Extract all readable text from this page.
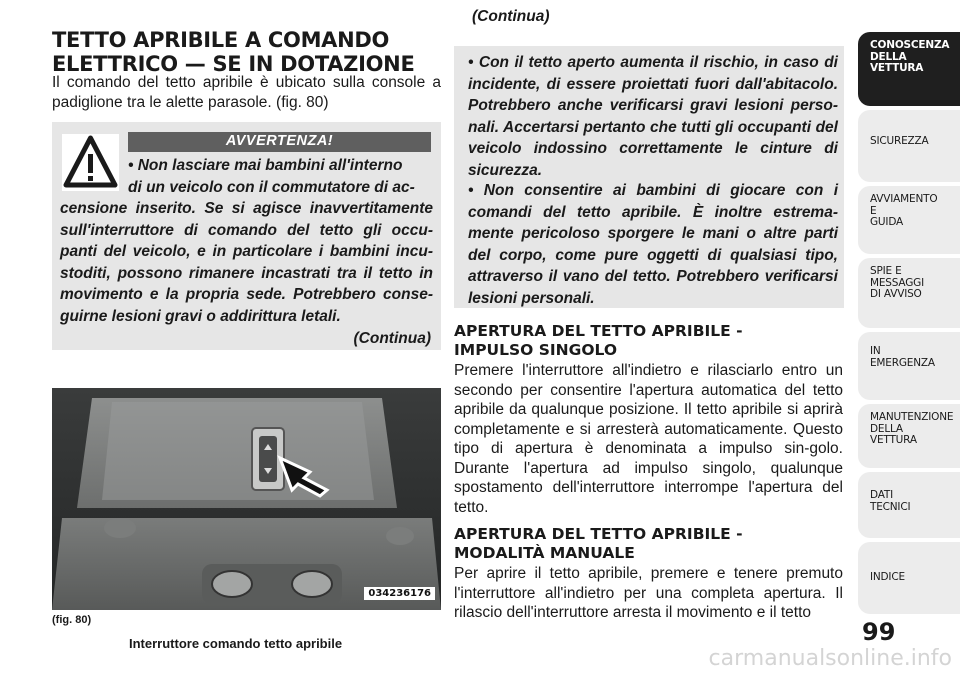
TETTO APRIBILE A COMANDO
ELETTRICO — SE IN DOTAZIONE
Il comando del tetto apribile è ubicato sulla console a padiglione tra le alette parasole. (fig. 80)
AVVERTENZA!
• Non lasciare mai bambini all'interno
di un veicolo con il commutatore di ac-
censione inserito. Se si agisce inavvertitamente sull'interruttore di comando del tetto gli occu-panti del veicolo, e in particolare i bambini incu-stoditi, possono rimanere incastrati tra il tetto in movimento e la propria sede. Potrebbero conse-guirne lesioni gravi o addirittura letali.
(Continua)
034236176
(fig. 80)
Interruttore comando tetto apribile
(Continua)
• Con il tetto aperto aumenta il rischio, in caso di incidente, di essere proiettati fuori dall'abitacolo. Potrebbero anche verificarsi gravi lesioni perso-nali. Accertarsi pertanto che tutti gli occupanti del veicolo indossino correttamente le cinture di sicurezza.
• Non consentire ai bambini di giocare con i comandi del tetto apribile. È inoltre estrema-mente pericoloso sporgere le mani o altre parti del corpo, come pure oggetti di qualsiasi tipo, attraverso il vano del tetto. Potrebbero verificarsi lesioni personali.
APERTURA DEL TETTO APRIBILE -
IMPULSO SINGOLO
Premere l'interruttore all'indietro e rilasciarlo entro un secondo per consentire l'apertura automatica del tetto apribile da qualunque posizione. Il tetto apribile si aprirà completamente e si arresterà automaticamente. Questo tipo di apertura è denominata a impulso sin-golo. Durante l'apertura ad impulso singolo, qualunque spostamento dell'interruttore interrompe l'apertura del tetto.
APERTURA DEL TETTO APRIBILE -
MODALITÀ MANUALE
Per aprire il tetto apribile, premere e tenere premuto l'interruttore all'indietro per una completa apertura. Il rilascio dell'interruttore arresta il movimento e il tetto
CONOSCENZA
DELLA
VETTURA
SICUREZZA
AVVIAMENTO
E
GUIDA
SPIE E
MESSAGGI
DI AVVISO
IN
EMERGENZA
MANUTENZIONE
DELLA
VETTURA
DATI
TECNICI
INDICE
99
carmanualsonline.info
